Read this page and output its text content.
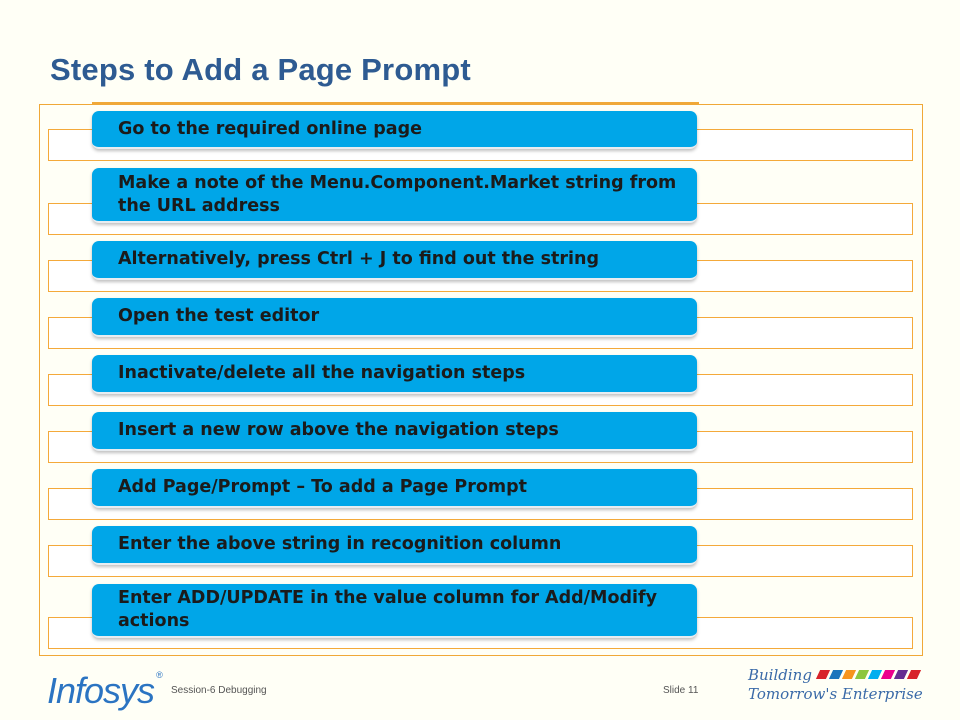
Steps to Add a Page Prompt
Go to the required online page
Make a note of the Menu.Component.Market string from the URL address
Alternatively, press Ctrl + J to find out the string
Open the test editor
Inactivate/delete all the navigation steps
Insert a new row above the navigation steps
Add Page/Prompt – To add a Page Prompt
Enter the above string in recognition column
Enter ADD/UPDATE in the value column for Add/Modify actions
Infosys ®
Session-6 Debugging	Slide 11
Building
Tomorrow's Enterprise
